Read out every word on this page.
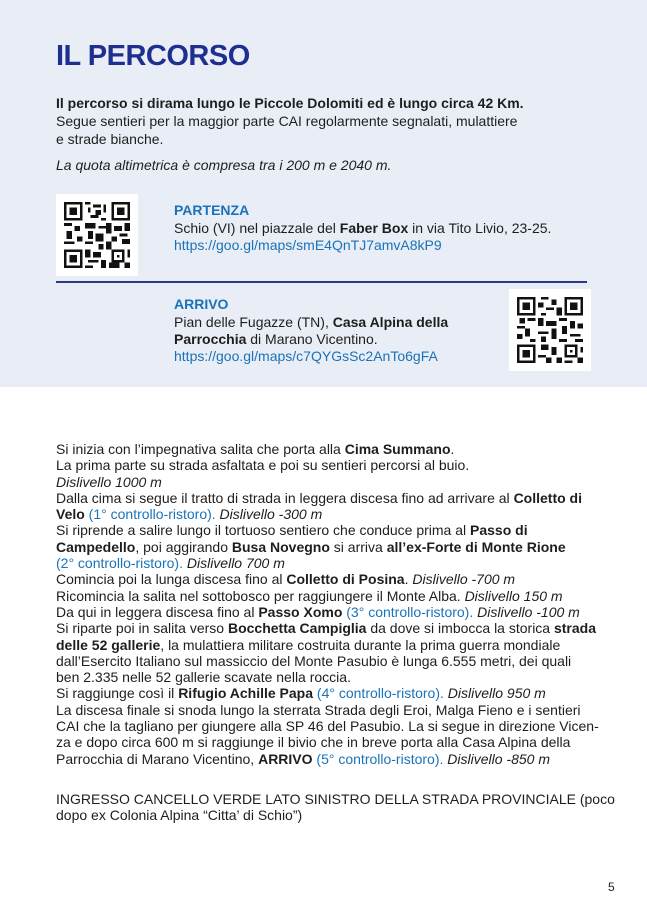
IL PERCORSO
Il percorso si dirama lungo le Piccole Dolomiti ed è lungo circa 42 Km.
Segue sentieri per la maggior parte CAI regolarmente segnalati, mulattiere
e strade bianche.
La quota altimetrica è compresa tra i 200 m e 2040 m.
PARTENZA
Schio (VI) nel piazzale del Faber Box in via Tito Livio, 23-25.
https://goo.gl/maps/smE4QnTJ7amvA8kP9
ARRIVO
Pian delle Fugazze (TN), Casa Alpina della
Parrocchia di Marano Vicentino.
https://goo.gl/maps/c7QYGsSc2AnTo6gFA
Si inizia con l’impegnativa salita che porta alla Cima Summano.
La prima parte su strada asfaltata e poi su sentieri percorsi al buio.
Dislivello 1000 m
Dalla cima si segue il tratto di strada in leggera discesa fino ad arrivare al Colletto di
Velo (1° controllo-ristoro). Dislivello -300 m
Si riprende a salire lungo il tortuoso sentiero che conduce prima al Passo di
Campedello, poi aggirando Busa Novegno si arriva all’ex-Forte di Monte Rione
(2° controllo-ristoro). Dislivello 700 m
Comincia poi la lunga discesa fino al Colletto di Posina. Dislivello -700 m
Ricomincia la salita nel sottobosco per raggiungere il Monte Alba. Dislivello 150 m
Da qui in leggera discesa fino al Passo Xomo (3° controllo-ristoro). Dislivello -100 m
Si riparte poi in salita verso Bocchetta Campiglia da dove si imbocca la storica strada
delle 52 gallerie, la mulattiera militare costruita durante la prima guerra mondiale
dall’Esercito Italiano sul massiccio del Monte Pasubio è lunga 6.555 metri, dei quali
ben 2.335 nelle 52 gallerie scavate nella roccia.
Si raggiunge così il Rifugio Achille Papa (4° controllo-ristoro). Dislivello 950 m
La discesa finale si snoda lungo la sterrata Strada degli Eroi, Malga Fieno e i sentieri
CAI che la tagliano per giungere alla SP 46 del Pasubio. La si segue in direzione Vicen-
za e dopo circa 600 m si raggiunge il bivio che in breve porta alla Casa Alpina della
Parrocchia di Marano Vicentino, ARRIVO (5° controllo-ristoro). Dislivello -850 m
INGRESSO CANCELLO VERDE LATO SINISTRO DELLA STRADA PROVINCIALE (poco
dopo ex Colonia Alpina “Citta’ di Schio”)
5
